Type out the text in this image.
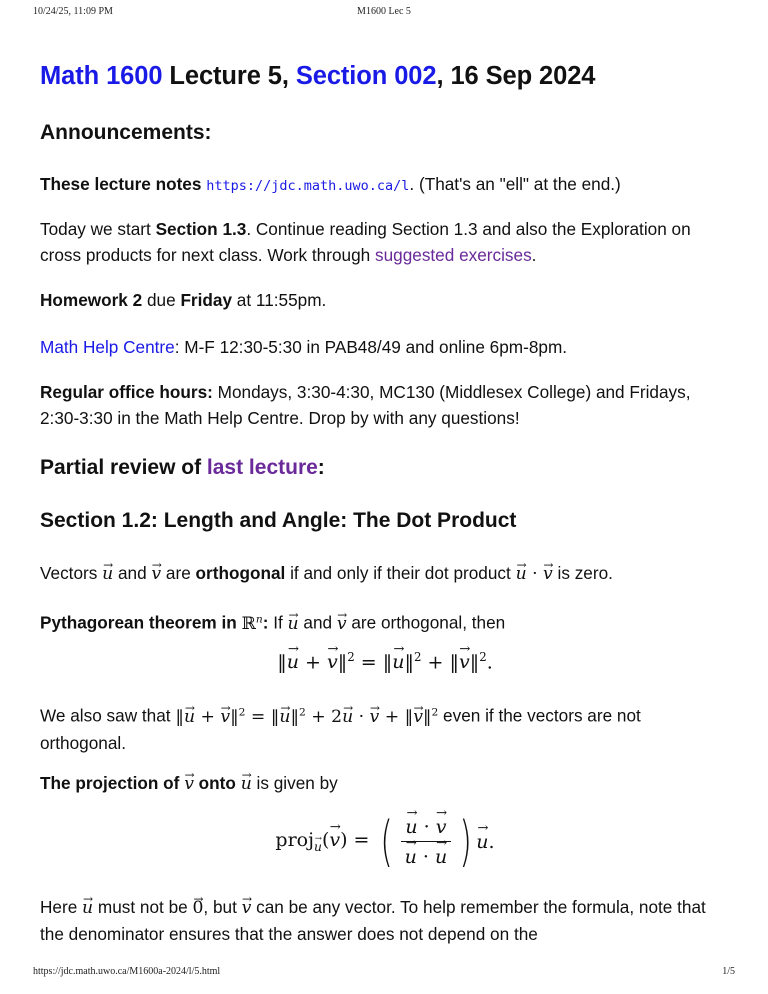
10/24/25, 11:09 PM	M1600 Lec 5
Math 1600 Lecture 5, Section 002, 16 Sep 2024
Announcements:

These lecture notes https://jdc.math.uwo.ca/l. (That's an "ell" at the end.)

Today we start Section 1.3. Continue reading Section 1.3 and also the Exploration on cross products for next class. Work through suggested exercises.

Homework 2 due Friday at 11:55pm.

Math Help Centre: M-F 12:30-5:30 in PAB48/49 and online 6pm-8pm.

Regular office hours: Mondays, 3:30-4:30, MC130 (Middlesex College) and Fridays, 2:30-3:30 in the Math Help Centre. Drop by with any questions!

Partial review of last lecture:
Section 1.2: Length and Angle: The Dot Product

Vectors → u and → v are orthogonal if and only if their dot product → u · → v is zero.

Pythagorean theorem in ℝ$^n$: If → u and → v are orthogonal, then

‖→ u + → v‖$^2$ = ‖→ u‖$^2$ + ‖→ v‖$^2$.

We also saw that ‖→ u + → v‖$^2$ = ‖→ u‖$^2$ + 2→ u · → v + ‖→ v‖$^2$ even if the vectors are not orthogonal.

The projection of → v onto → u is given by

proj→ $_u$(→ v) = ( → u · → v
→ u · → u ) → u.

Here → u must not be → 0, but → v can be any vector. To help remember the formula, note that the denominator ensures that the answer does not depend on the

https://jdc.math.uwo.ca/M1600a-2024/l/5.html	1/5
